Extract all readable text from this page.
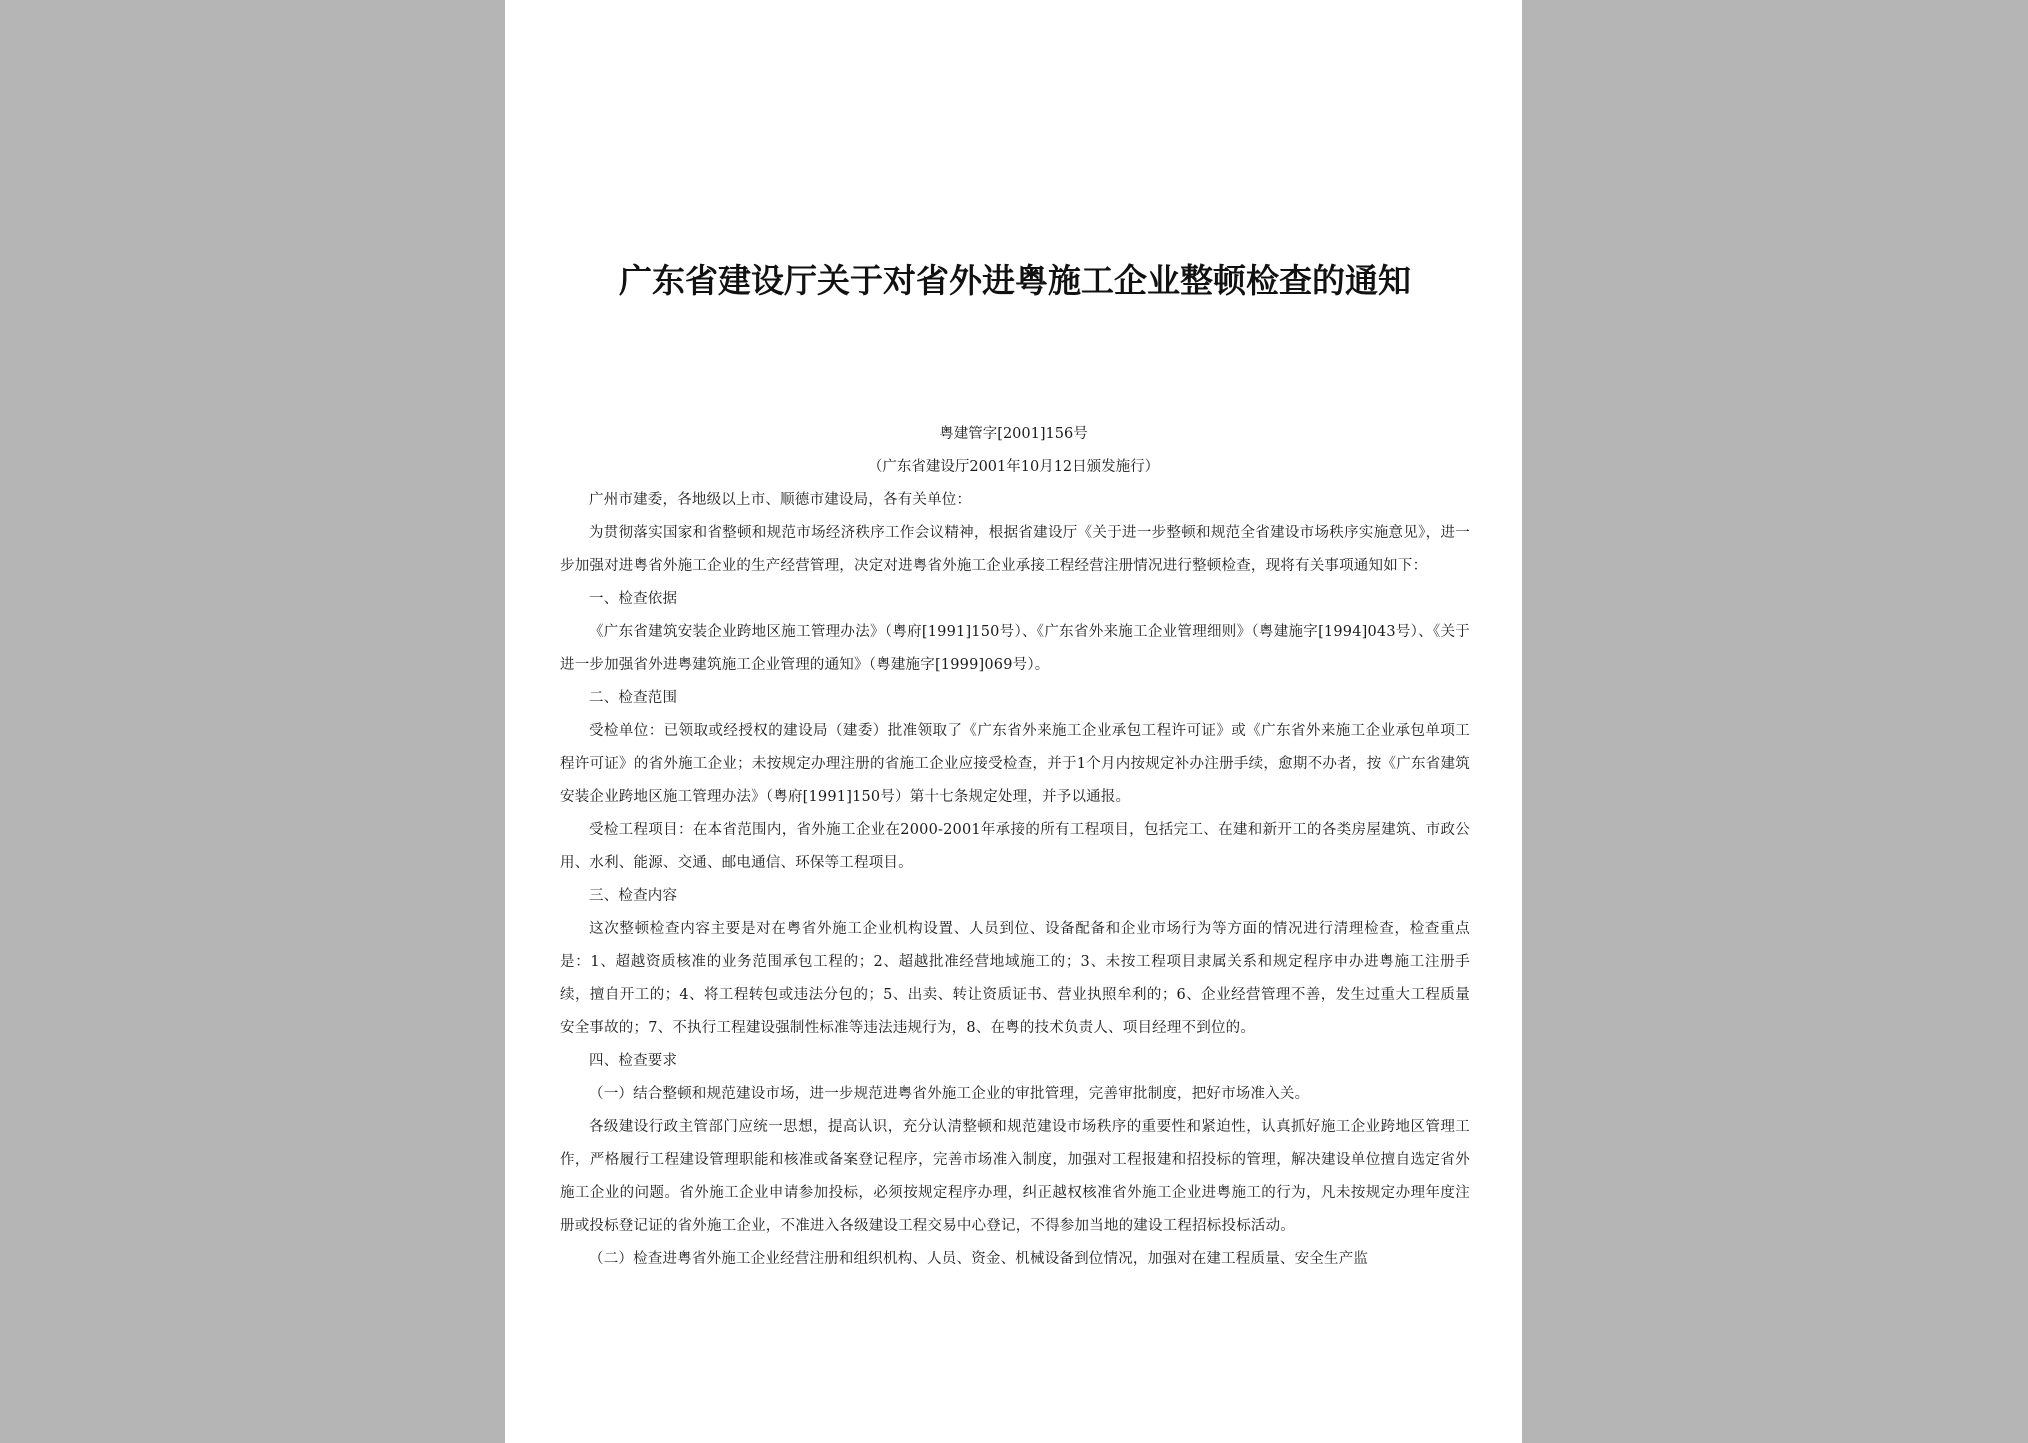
广东省建设厅关于对省外进粤施工企业整顿检查的通知
粤建管字[2001]156号
（广东省建设厅2001年10月12日颁发施行）

广州市建委，各地级以上市、顺德市建设局，各有关单位：

为贯彻落实国家和省整顿和规范市场经济秩序工作会议精神，根据省建设厅《关于进一步整顿和规范全省建设市场秩序实施意见》，进一步加强对进粤省外施工企业的生产经营管理，决定对进粤省外施工企业承接工程经营注册情况进行整顿检查，现将有关事项通知如下：

一、检查依据

《广东省建筑安装企业跨地区施工管理办法》（粤府[1991]150号）、《广东省外来施工企业管理细则》（粤建施字[1994]043号）、《关于进一步加强省外进粤建筑施工企业管理的通知》（粤建施字[1999]069号）。

二、检查范围

受检单位：已领取或经授权的建设局（建委）批准领取了《广东省外来施工企业承包工程许可证》或《广东省外来施工企业承包单项工程许可证》的省外施工企业；未按规定办理注册的省施工企业应接受检查，并于1个月内按规定补办注册手续，愈期不办者，按《广东省建筑安装企业跨地区施工管理办法》（粤府[1991]150号）第十七条规定处理，并予以通报。

受检工程项目：在本省范围内，省外施工企业在2000-2001年承接的所有工程项目，包括完工、在建和新开工的各类房屋建筑、市政公用、水利、能源、交通、邮电通信、环保等工程项目。

三、检查内容

这次整顿检查内容主要是对在粤省外施工企业机构设置、人员到位、设备配备和企业市场行为等方面的情况进行清理检查，检查重点是：1、超越资质核准的业务范围承包工程的；2、超越批准经营地域施工的；3、未按工程项目隶属关系和规定程序申办进粤施工注册手续，擅自开工的；4、将工程转包或违法分包的；5、出卖、转让资质证书、营业执照牟利的；6、企业经营管理不善，发生过重大工程质量安全事故的；7、不执行工程建设强制性标准等违法违规行为，8、在粤的技术负责人、项目经理不到位的。

四、检查要求

（一）结合整顿和规范建设市场，进一步规范进粤省外施工企业的审批管理，完善审批制度，把好市场准入关。

各级建设行政主管部门应统一思想，提高认识，充分认清整顿和规范建设市场秩序的重要性和紧迫性，认真抓好施工企业跨地区管理工作，严格履行工程建设管理职能和核准或备案登记程序，完善市场准入制度，加强对工程报建和招投标的管理，解决建设单位擅自选定省外施工企业的问题。省外施工企业申请参加投标，必须按规定程序办理，纠正越权核准省外施工企业进粤施工的行为，凡未按规定办理年度注册或投标登记证的省外施工企业，不准进入各级建设工程交易中心登记，不得参加当地的建设工程招标投标活动。

（二）检查进粤省外施工企业经营注册和组织机构、人员、资金、机械设备到位情况，加强对在建工程质量、安全生产监
